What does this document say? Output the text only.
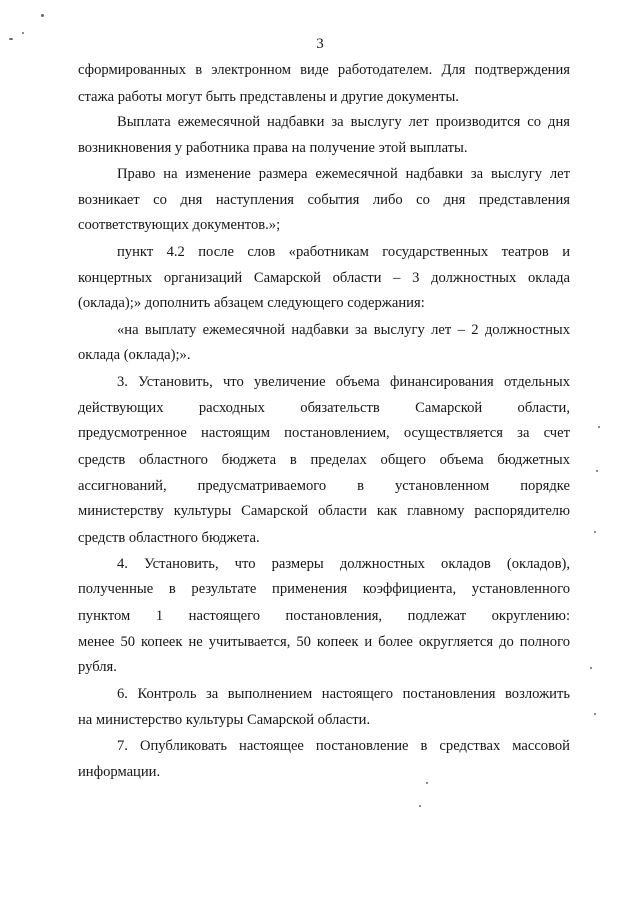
3

сформированных в электронном виде работодателем. Для подтверждения

стажа работы могут быть представлены и другие документы.

Выплата ежемесячной надбавки за выслугу лет производится со дня

возникновения у работника права на получение этой выплаты.

Право на изменение размера ежемесячной надбавки за выслугу лет

возникает со дня наступления события либо со дня представления

соответствующих документов.»;

пункт 4.2 после слов «работникам государственных театров и

концертных организаций Самарской области – 3 должностных оклада

(оклада);» дополнить абзацем следующего содержания:

«на выплату ежемесячной надбавки за выслугу лет – 2 должностных

оклада (оклада);».

3. Установить, что увеличение объема финансирования отдельных

действующих расходных обязательств Самарской области,

предусмотренное настоящим постановлением, осуществляется за счет

средств областного бюджета в пределах общего объема бюджетных

ассигнований, предусматриваемого в установленном порядке

министерству культуры Самарской области как главному распорядителю

средств областного бюджета.

4. Установить, что размеры должностных окладов (окладов),

полученные в результате применения коэффициента, установленного

пунктом 1 настоящего постановления, подлежат округлению:

менее 50 копеек не учитывается, 50 копеек и более округляется до полного

рубля.

6. Контроль за выполнением настоящего постановления возложить

на министерство культуры Самарской области.

7. Опубликовать настоящее постановление в средствах массовой

информации.
